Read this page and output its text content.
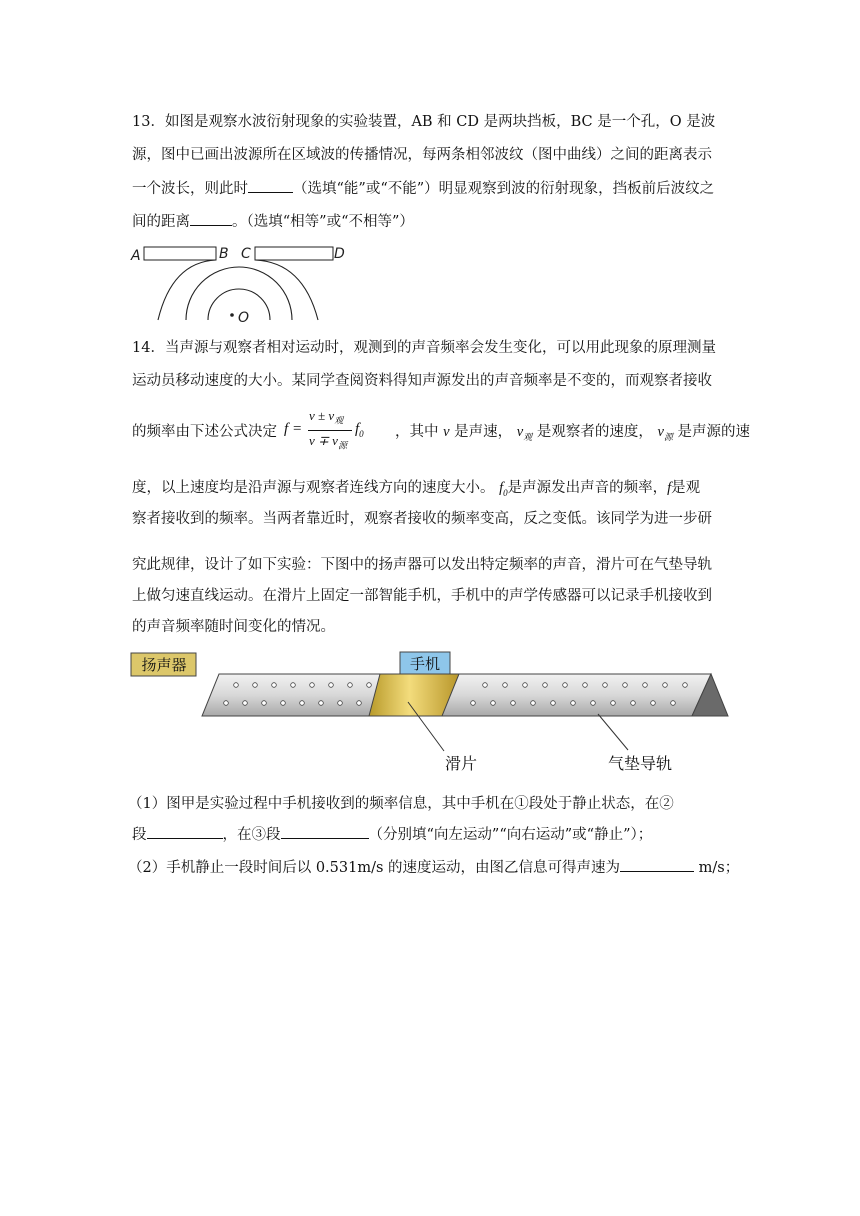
13．如图是观察水波衍射现象的实验装置，AB 和 CD 是两块挡板，BC 是一个孔，O 是波
源，图中已画出波源所在区域波的传播情况，每两条相邻波纹（图中曲线）之间的距离表示
一个波长，则此时	（选填“能”或“不能”）明显观察到波的衍射现象，挡板前后波纹之
间的距离	。（选填“相等”或“不相等”）
A	B C	D
O
14．当声源与观察者相对运动时，观测到的声音频率会发生变化，可以用此现象的原理测量
运动员移动速度的大小。某同学查阅资料得知声源发出的声音频率是不变的，而观察者接收
的频率由下述公式决定	，其中 v 是声速， $v_观$ 是观察者的速度， $v_源$ 是声源的速
f =
$v \pm v_观$
$v \mp v_源$
$f_0$
度，以上速度均是沿声源与观察者连线方向的速度大小。 $f_0$是声源发出声音的频率，f是观
察者接收到的频率。当两者靠近时，观察者接收的频率变高，反之变低。该同学为进一步研
究此规律，设计了如下实验：下图中的扬声器可以发出特定频率的声音，滑片可在气垫导轨
上做匀速直线运动。在滑片上固定一部智能手机，手机中的声学传感器可以记录手机接收到
的声音频率随时间变化的情况。
扬声器	手机
滑片	气垫导轨
（1）图甲是实验过程中手机接收到的频率信息，其中手机在①段处于静止状态，在②
段	，在③段	（分别填“向左运动”“向右运动”或“静止”）；
（2）手机静止一段时间后以 0.531m/s 的速度运动，由图乙信息可得声速为	m/s；
